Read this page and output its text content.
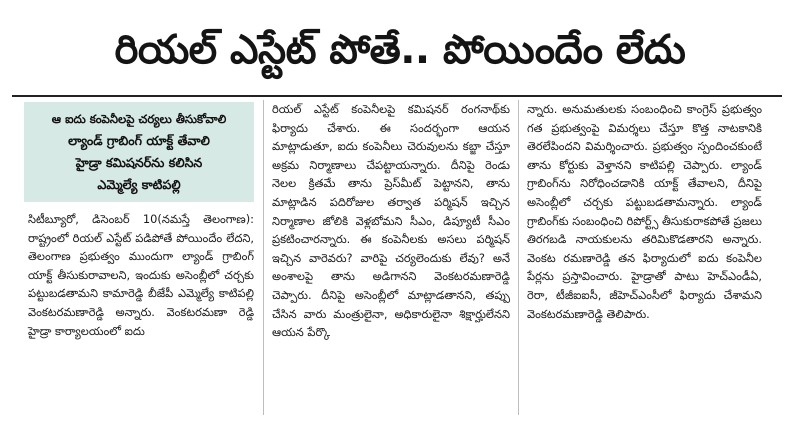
రియల్ ఎస్టేట్ పోతే.. పోయిందేం లేదు
ఆ ఐదు కంపెనీలపై చర్యలు తీసుకోవాలి
ల్యాండ్ గ్రాబింగ్ యాక్ట్ తేవాలి
హైడ్రా కమిషనర్‌ను కలిసిన
ఎమ్మెల్యే కాటిపల్లి

సిటీబ్యూరో, డిసెంబర్ 10(నమస్తే తెలంగాణ): రాష్ట్రంలో రియల్ ఎస్టేట్ పడిపోతే పోయిందేం లేదని, తెలంగాణ ప్రభుత్వం ముందుగా ల్యాండ్ గ్రాబింగ్ యాక్ట్ తీసుకురావాలని, ఇందుకు అసెంబ్లీలో చర్చకు పట్టుబడతామని కామారెడ్డి బీజేపీ ఎమ్మెల్యే కాటిపల్లి వెంకటరమణారెడ్డి అన్నారు. వెంకటరమణా రెడ్డి హైడ్రా కార్యాలయంలో ఐదు

రియల్ ఎస్టేట్ కంపెనీలపై కమిషనర్ రంగనాథ్‌కు ఫిర్యాదు చేశారు. ఈ సందర్భంగా ఆయన మాట్లాడుతూ, ఐదు కంపెనీలు చెరువులను కబ్జా చేస్తూ అక్రమ నిర్మాణాలు చేపట్టాయన్నారు. దీనిపై రెండు నెలల క్రితమే తాను ప్రెస్‌మీట్ పెట్టానని, తాను మాట్లాడిన పదిరోజుల తర్వాత పర్మిషన్ ఇచ్చిన నిర్మాణాల జోలికి వెళ్లబోమని సీఎం, డిప్యూటీ సీఎం ప్రకటించారన్నారు. ఈ కంపెనీలకు అసలు పర్మిషన్ ఇచ్చిన వారెవరు? వారిపై చర్యలెందుకు లేవు? అనే అంశాలపై తాను అడిగానని వెంకటరమణారెడ్డి చెప్పారు. దీనిపై అసెంబ్లీలో మాట్లాడతానని, తప్పు చేసిన వారు మంత్రులైనా, అధికారులైనా శిక్షార్హులేనని ఆయన పేర్కొ

న్నారు. అనుమతులకు సంబంధించి కాంగ్రెస్ ప్రభుత్వం గత ప్రభుత్వంపై విమర్శలు చేస్తూ కొత్త నాటకానికి తెరలేపిందని విమర్శించారు. ప్రభుత్వం స్పందించకుంటే తాను కోర్టుకు వెళ్తానని కాటిపల్లి చెప్పారు. ల్యాండ్ గ్రాబింగ్‌ను నిరోధించడానికి యాక్ట్ తేవాలని, దీనిపై అసెంబ్లీలో చర్చకు పట్టుబడతామన్నారు. ల్యాండ్ గ్రాబింగ్‌కు సంబంధించి రిపోర్ట్స్ తీసుకురాకపోతే ప్రజలు తిరగబడి నాయకులను తరిమికొడతారని అన్నారు. వెంకట రమణారెడ్డి తన ఫిర్యాదులో ఐదు కంపెనీల పేర్లను ప్రస్తావించారు. హైడ్రాతో పాటు హెచ్ఎండీఏ, రెరా, టీజీఐఐసీ, జీహెచ్ఎంసీలో ఫిర్యాదు చేశామని వెంకటరమణారెడ్డి తెలిపారు.
